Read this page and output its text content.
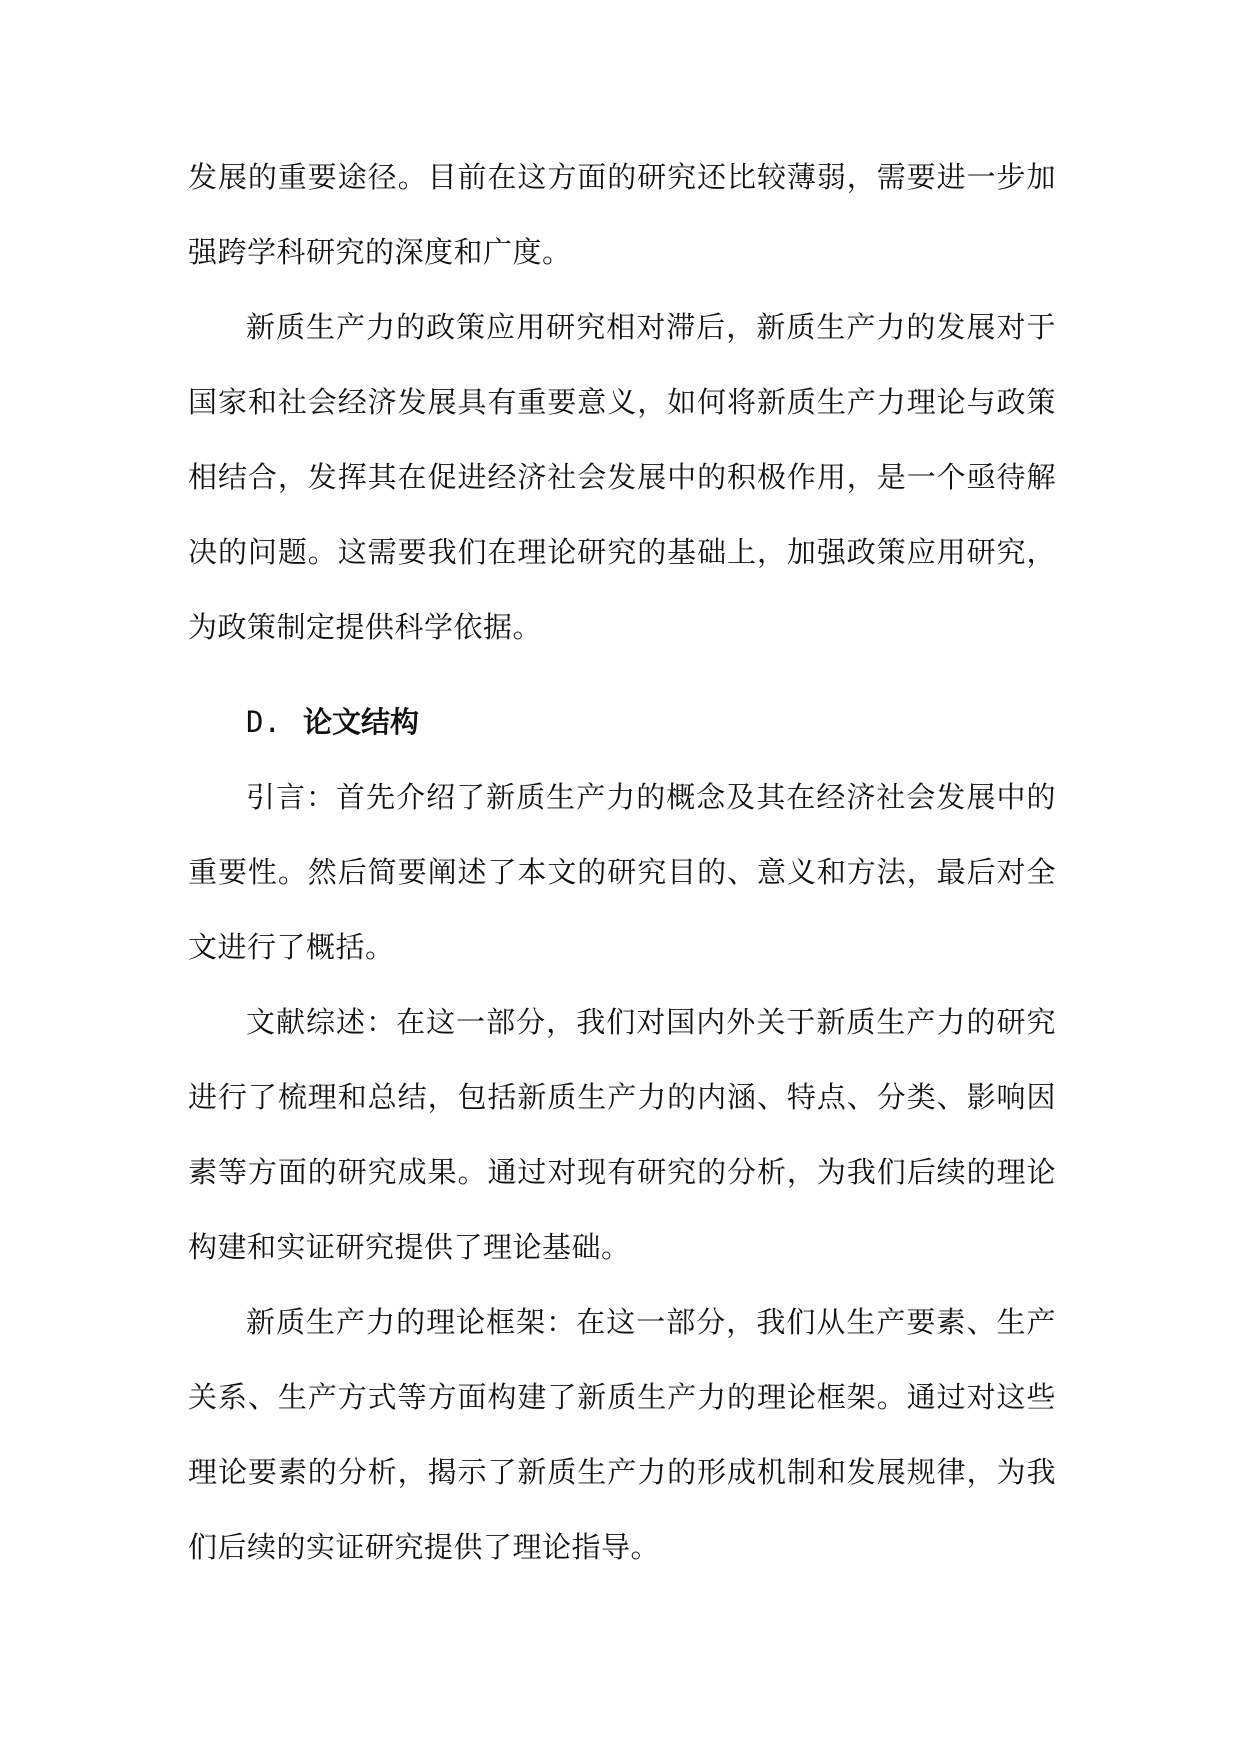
发展的重要途径。目前在这方面的研究还比较薄弱，需要进一步加强跨学科研究的深度和广度。

新质生产力的政策应用研究相对滞后，新质生产力的发展对于国家和社会经济发展具有重要意义，如何将新质生产力理论与政策相结合，发挥其在促进经济社会发展中的积极作用，是一个亟待解决的问题。这需要我们在理论研究的基础上，加强政策应用研究，为政策制定提供科学依据。

D. 论文结构

引言：首先介绍了新质生产力的概念及其在经济社会发展中的重要性。然后简要阐述了本文的研究目的、意义和方法，最后对全文进行了概括。

文献综述：在这一部分，我们对国内外关于新质生产力的研究进行了梳理和总结，包括新质生产力的内涵、特点、分类、影响因素等方面的研究成果。通过对现有研究的分析，为我们后续的理论构建和实证研究提供了理论基础。

新质生产力的理论框架：在这一部分，我们从生产要素、生产关系、生产方式等方面构建了新质生产力的理论框架。通过对这些理论要素的分析，揭示了新质生产力的形成机制和发展规律，为我们后续的实证研究提供了理论指导。
